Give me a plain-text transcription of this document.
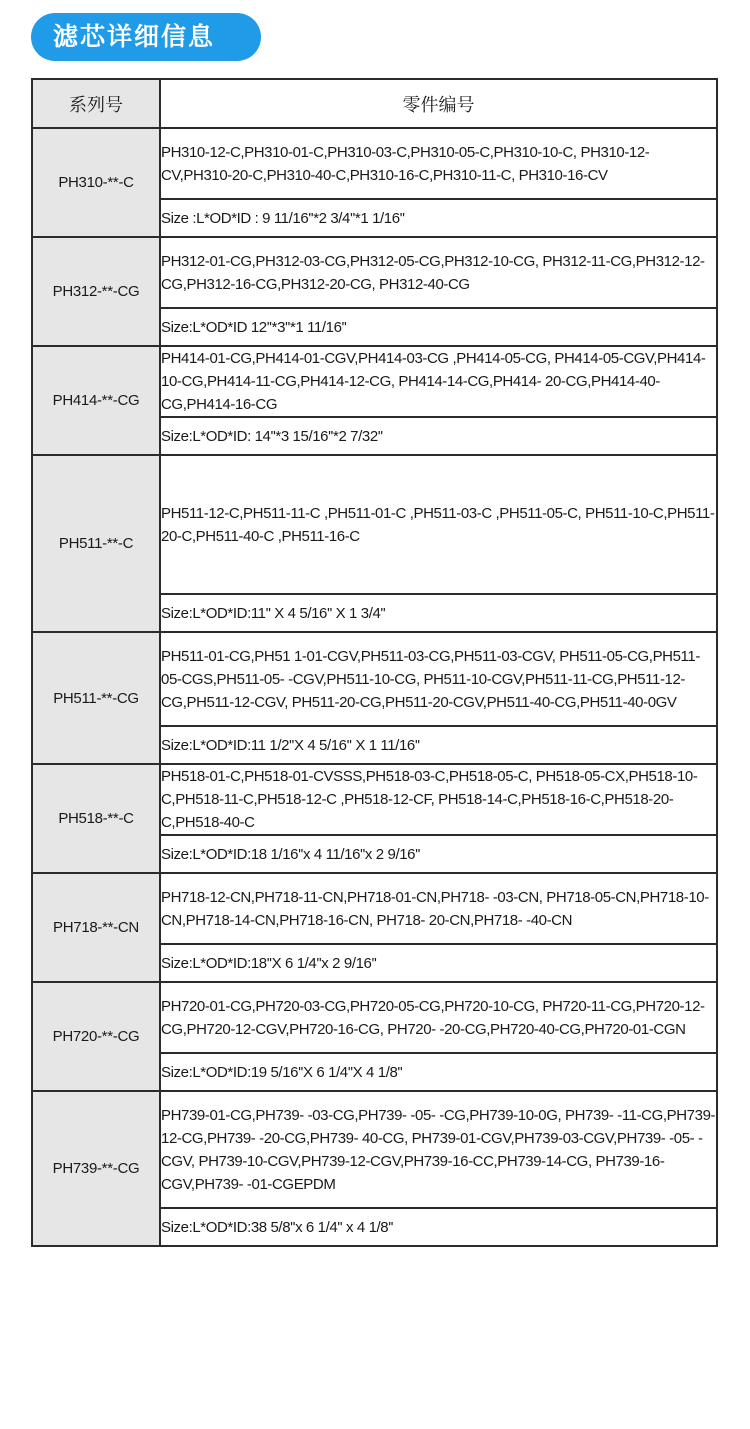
滤芯详细信息
系列号	零件编号
PH310-**-C	PH310-12-C,PH310-01-C,PH310-03-C,PH310-05-C,PH310-10-C, PH310-12-CV,PH310-20-C,PH310-40-C,PH310-16-C,PH310-11-C, PH310-16-CV
	Size :L*OD*ID : 9 11/16''*2 3/4''*1 1/16''
PH312-**-CG	PH312-01-CG,PH312-03-CG,PH312-05-CG,PH312-10-CG, PH312-11-CG,PH312-12-CG,PH312-16-CG,PH312-20-CG, PH312-40-CG
	Size:L*OD*ID 12''*3''*1 11/16''
PH414-**-CG	PH414-01-CG,PH414-01-CGV,PH414-03-CG ,PH414-05-CG, PH414-05-CGV,PH414-10-CG,PH414-11-CG,PH414-12-CG, PH414-14-CG,PH414- 20-CG,PH414-40-CG,PH414-16-CG
	Size:L*OD*ID: 14''*3 15/16''*2 7/32''
PH511-**-C	PH511-12-C,PH511-11-C ,PH511-01-C ,PH511-03-C ,PH511-05-C, PH511-10-C,PH511-20-C,PH511-40-C ,PH511-16-C
	Size:L*OD*ID:11'' X 4 5/16'' X 1 3/4''
PH511-**-CG	PH511-01-CG,PH51 1-01-CGV,PH511-03-CG,PH511-03-CGV, PH511-05-CG,PH511-05-CGS,PH511-05- -CGV,PH511-10-CG, PH511-10-CGV,PH511-11-CG,PH511-12-CG,PH511-12-CGV, PH511-20-CG,PH511-20-CGV,PH511-40-CG,PH511-40-0GV
	Size:L*OD*ID:11 1/2''X 4 5/16'' X 1 11/16''
PH518-**-C	PH518-01-C,PH518-01-CVSSS,PH518-03-C,PH518-05-C, PH518-05-CX,PH518-10-C,PH518-11-C,PH518-12-C ,PH518-12-CF, PH518-14-C,PH518-16-C,PH518-20-C,PH518-40-C
	Size:L*OD*ID:18 1/16''x 4 11/16''x 2 9/16''
PH718-**-CN	PH718-12-CN,PH718-11-CN,PH718-01-CN,PH718- -03-CN, PH718-05-CN,PH718-10-CN,PH718-14-CN,PH718-16-CN, PH718- 20-CN,PH718- -40-CN
	Size:L*OD*ID:18''X 6 1/4''x 2 9/16''
PH720-**-CG	PH720-01-CG,PH720-03-CG,PH720-05-CG,PH720-10-CG, PH720-11-CG,PH720-12-CG,PH720-12-CGV,PH720-16-CG, PH720- -20-CG,PH720-40-CG,PH720-01-CGN
	Size:L*OD*ID:19 5/16''X 6 1/4''X 4 1/8''
PH739-**-CG	PH739-01-CG,PH739- -03-CG,PH739- -05- -CG,PH739-10-0G, PH739- -11-CG,PH739-12-CG,PH739- -20-CG,PH739- 40-CG, PH739-01-CGV,PH739-03-CGV,PH739- -05- -CGV, PH739-10-CGV,PH739-12-CGV,PH739-16-CC,PH739-14-CG, PH739-16-CGV,PH739- -01-CGEPDM
	Size:L*OD*ID:38 5/8''x 6 1/4'' x 4 1/8''
